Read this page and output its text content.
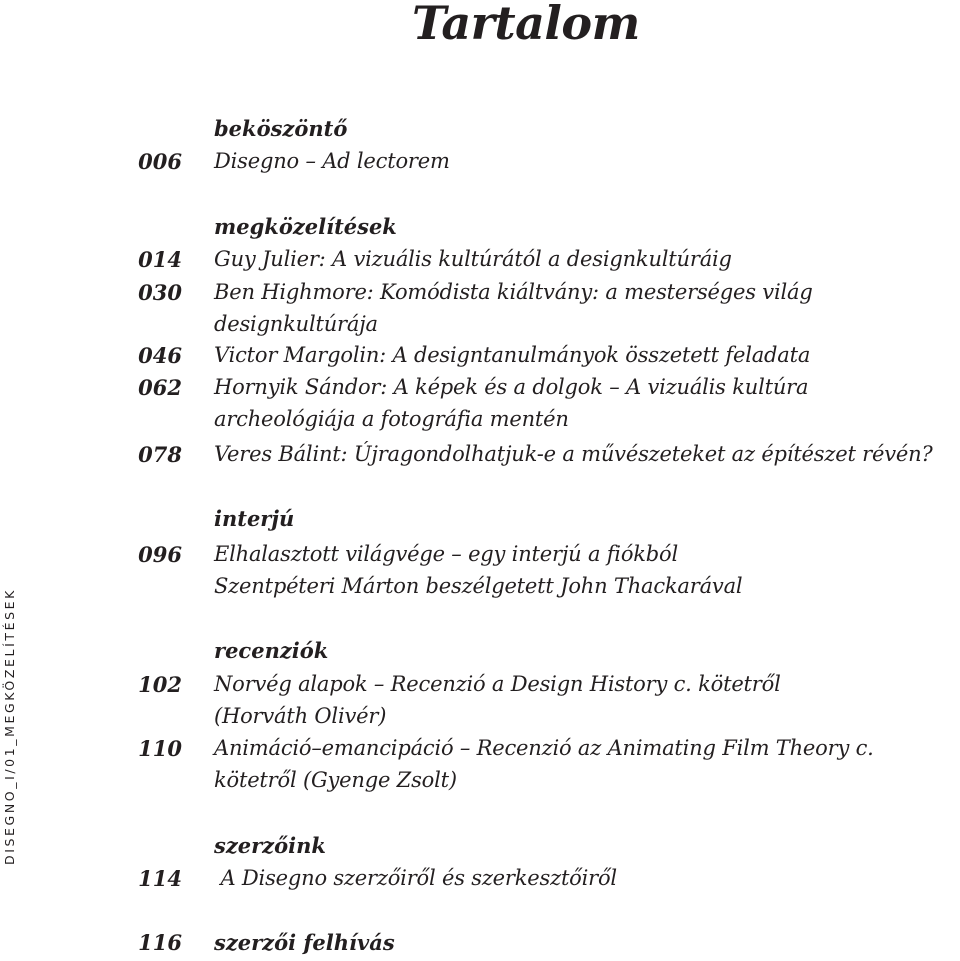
Tartalom
DISEGNO_I/01_MEGKÖZELÍTÉSEK
beköszöntő
006 Disegno – Ad lectorem
megközelítések
014 Guy Julier: A vizuális kultúrától a designkultúráig
030 Ben Highmore: Komódista kiáltvány: a mesterséges világ
designkultúrája
046 Victor Margolin: A designtanulmányok összetett feladata
062 Hornyik Sándor: A képek és a dolgok – A vizuális kultúra
archeológiája a fotográfia mentén
078 Veres Bálint: Újragondolhatjuk-e a művészeteket az építészet révén?
interjú
096 Elhalasztott világvége – egy interjú a fiókból
Szentpéteri Márton beszélgetett John Thackarával
recenziók
102 Norvég alapok – Recenzió a Design History c. kötetről
(Horváth Olivér)
110 Animáció–emancipáció – Recenzió az Animating Film Theory c.
kötetről (Gyenge Zsolt)
szerzőink
114 A Disegno szerzőiről és szerkesztőiről
116 szerzői felhívás
